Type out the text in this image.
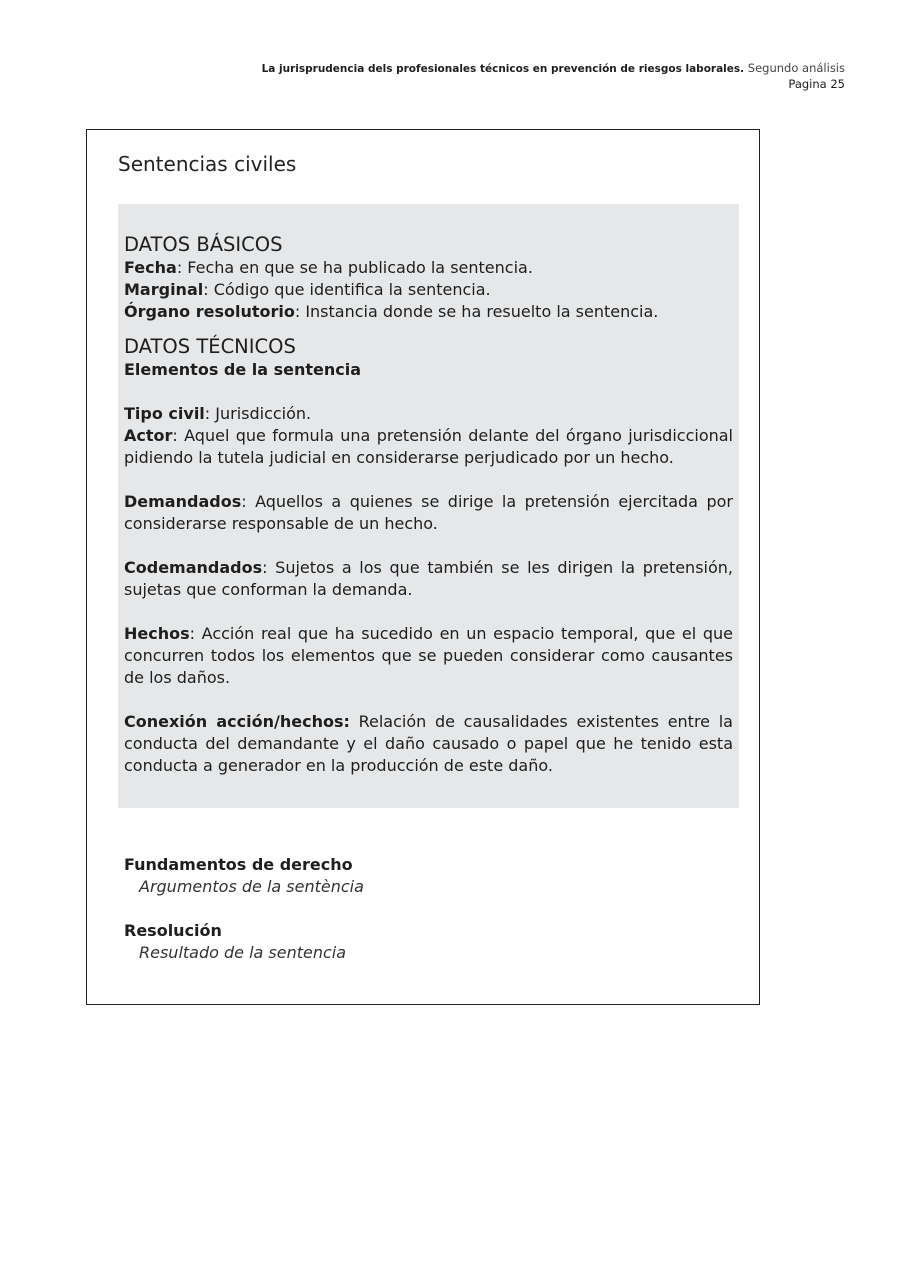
La jurisprudencia dels profesionales técnicos en prevención de riesgos laborales. Segundo análisis
Pagina 25
Sentencias civiles
DATOS BÁSICOS

Fecha: Fecha en que se ha publicado la sentencia.

Marginal: Código que identifica la sentencia.

Órgano resolutorio: Instancia donde se ha resuelto la sentencia.

DATOS TÉCNICOS
Elementos de la sentencia

Tipo civil: Jurisdicción.

Actor: Aquel que formula una pretensión delante del órgano jurisdiccional pidiendo la tutela judicial en considerarse perjudicado por un hecho.

Demandados: Aquellos a quienes se dirige la pretensión ejercitada por considerarse responsable de un hecho.

Codemandados: Sujetos a los que también se les dirigen la pretensión, sujetas que conforman la demanda.

Hechos: Acción real que ha sucedido en un espacio temporal, que el que concurren todos los elementos que se pueden considerar como causantes de los daños.

Conexión acción/hechos: Relación de causalidades existentes entre la conducta del demandante y el daño causado o papel que he tenido esta conducta a generador en la producción de este daño.

Fundamentos de derecho
Argumentos de la sentència
Resolución
Resultado de la sentencia
